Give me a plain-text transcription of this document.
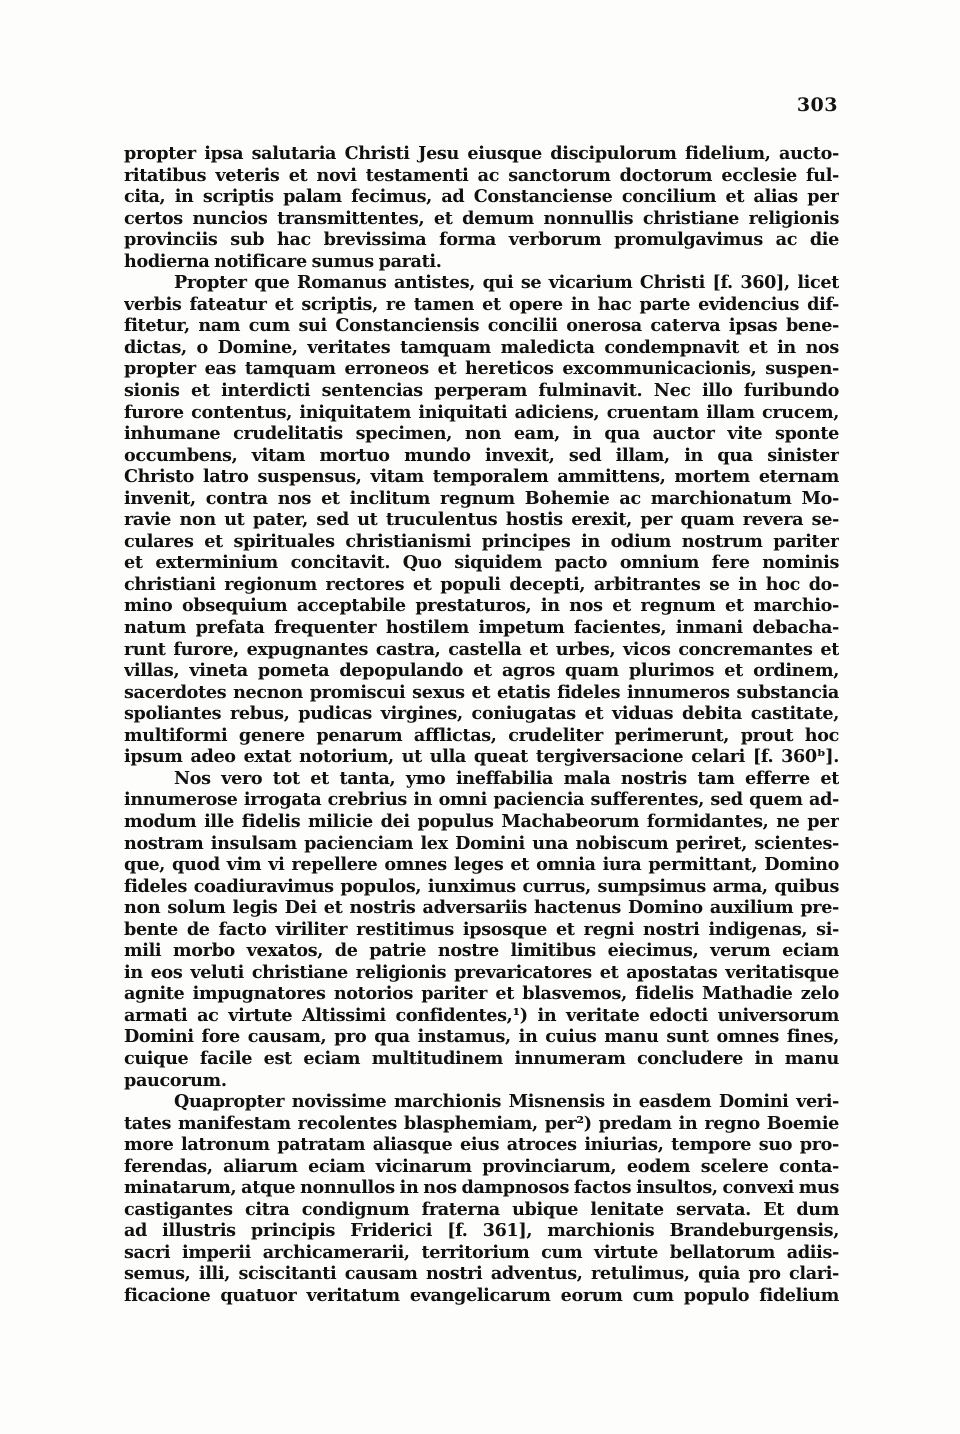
303
propter ipsa salutaria Christi Jesu eiusque discipulorum fidelium, aucto-
ritatibus veteris et novi testamenti ac sanctorum doctorum ecclesie ful-
cita, in scriptis palam fecimus, ad Constanciense concilium et alias per
certos nuncios transmittentes, et demum nonnullis christiane religionis
provinciis sub hac brevissima forma verborum promulgavimus ac die
hodierna notificare sumus parati.
Propter que Romanus antistes, qui se vicarium Christi [f. 360], licet
verbis fateatur et scriptis, re tamen et opere in hac parte evidencius dif-
fitetur, nam cum sui Constanciensis concilii onerosa caterva ipsas bene-
dictas, o Domine, veritates tamquam maledicta condempnavit et in nos
propter eas tamquam erroneos et hereticos excommunicacionis, suspen-
sionis et interdicti sentencias perperam fulminavit. Nec illo furibundo
furore contentus, iniquitatem iniquitati adiciens, cruentam illam crucem,
inhumane crudelitatis specimen, non eam, in qua auctor vite sponte
occumbens, vitam mortuo mundo invexit, sed illam, in qua sinister
Christo latro suspensus, vitam temporalem ammittens, mortem eternam
invenit, contra nos et inclitum regnum Bohemie ac marchionatum Mo-
ravie non ut pater, sed ut truculentus hostis erexit, per quam revera se-
culares et spirituales christianismi principes in odium nostrum pariter
et exterminium concitavit. Quo siquidem pacto omnium fere nominis
christiani regionum rectores et populi decepti, arbitrantes se in hoc do-
mino obsequium acceptabile prestaturos, in nos et regnum et marchio-
natum prefata frequenter hostilem impetum facientes, inmani debacha-
runt furore, expugnantes castra, castella et urbes, vicos concremantes et
villas, vineta pometa depopulando et agros quam plurimos et ordinem,
sacerdotes necnon promiscui sexus et etatis fideles innumeros substancia
spoliantes rebus, pudicas virgines, coniugatas et viduas debita castitate,
multiformi genere penarum afflictas, crudeliter perimerunt, prout hoc
ipsum adeo extat notorium, ut ulla queat tergiversacione celari [f. 360ᵇ].
Nos vero tot et tanta, ymo ineffabilia mala nostris tam efferre et
innumerose irrogata crebrius in omni paciencia sufferentes, sed quem ad-
modum ille fidelis milicie dei populus Machabeorum formidantes, ne per
nostram insulsam pacienciam lex Domini una nobiscum periret, scientes-
que, quod vim vi repellere omnes leges et omnia iura permittant, Domino
fideles coadiuravimus populos, iunximus currus, sumpsimus arma, quibus
non solum legis Dei et nostris adversariis hactenus Domino auxilium pre-
bente de facto viriliter restitimus ipsosque et regni nostri indigenas, si-
mili morbo vexatos, de patrie nostre limitibus eiecimus, verum eciam
in eos veluti christiane religionis prevaricatores et apostatas veritatisque
agnite impugnatores notorios pariter et blasvemos, fidelis Mathadie zelo
armati ac virtute Altissimi confidentes,¹) in veritate edocti universorum
Domini fore causam, pro qua instamus, in cuius manu sunt omnes fines,
cuique facile est eciam multitudinem innumeram concludere in manu
paucorum.
Quapropter novissime marchionis Misnensis in easdem Domini veri-
tates manifestam recolentes blasphemiam, per²) predam in regno Boemie
more latronum patratam aliasque eius atroces iniurias, tempore suo pro-
ferendas, aliarum eciam vicinarum provinciarum, eodem scelere conta-
minatarum, atque nonnullos in nos dampnosos factos insultos, convexi mus
castigantes citra condignum fraterna ubique lenitate servata. Et dum
ad illustris principis Friderici [f. 361], marchionis Brandeburgensis,
sacri imperii archicamerarii, territorium cum virtute bellatorum adiis-
semus, illi, sciscitanti causam nostri adventus, retulimus, quia pro clari-
ficacione quatuor veritatum evangelicarum eorum cum populo fidelium
